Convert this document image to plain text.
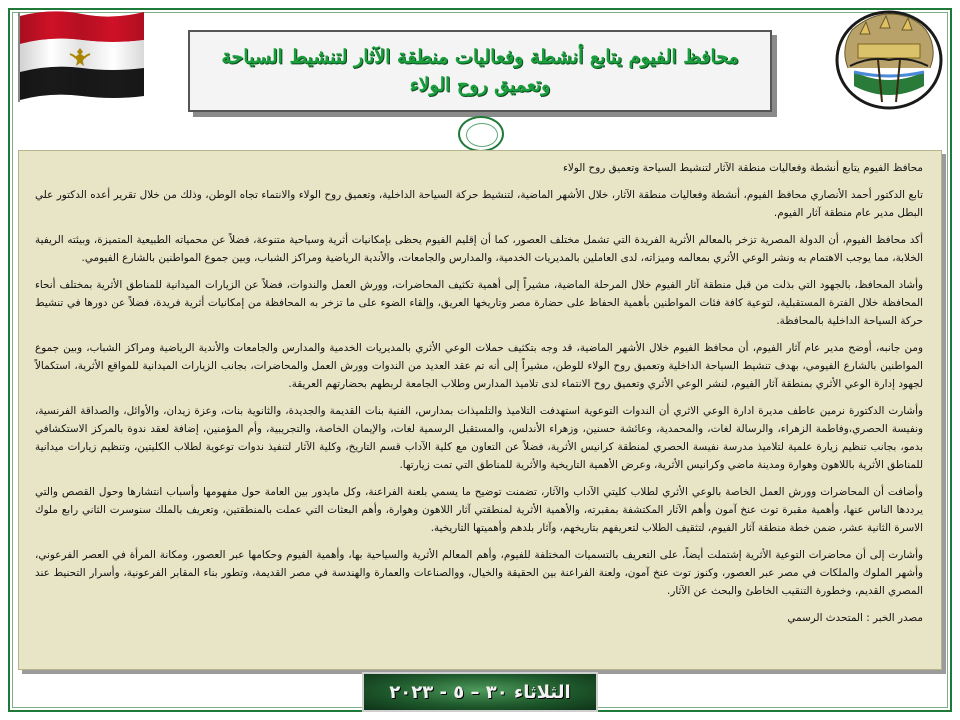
محافظ الفيوم يتابع أنشطة وفعاليات منطقة الآثار لتنشيط السياحة
وتعميق روح الولاء

محافظ الفيوم يتابع أنشطة وفعاليات منطقة الآثار لتنشيط السياحة وتعميق روح الولاء

تابع الدكتور أحمد الأنصاري محافظ الفيوم، أنشطة وفعاليات منطقة الآثار، خلال الأشهر الماضية، لتنشيط حركة السياحة الداخلية، وتعميق روح الولاء والانتماء تجاه الوطن، وذلك من خلال تقرير أعده الدكتور علي البطل مدير عام منطقة آثار الفيوم.

أكد محافظ الفيوم، أن الدولة المصرية تزخر بالمعالم الأثرية الفريدة التي تشمل مختلف العصور، كما أن إقليم الفيوم يحظى بإمكانيات أثرية وسياحية متنوعة، فضلاً عن محمياته الطبيعية المتميزة، وبيئته الريفية الخلابة، مما يوجب الاهتمام به ونشر الوعي الأثري بمعالمه وميزاته، لدى العاملين بالمديريات الخدمية، والمدارس والجامعات، والأندية الرياضية ومراكز الشباب، وبين جموع المواطنين بالشارع الفيومي.

وأشاد المحافظ، بالجهود التي بذلت من قبل منطقة آثار الفيوم خلال المرحلة الماضية، مشيراً إلى أهمية تكثيف المحاضرات، وورش العمل والندوات، فضلاً عن الزيارات الميدانية للمناطق الأثرية بمختلف أنحاء المحافظة خلال الفترة المستقبلية، لتوعية كافة فئات المواطنين بأهمية الحفاظ على حضارة مصر وتاريخها العريق، وإلقاء الضوء على ما تزخر به المحافظة من إمكانيات أثرية فريدة، فضلاً عن دورها في تنشيط حركة السياحة الداخلية بالمحافظة.

ومن جانبه، أوضح مدير عام آثار الفيوم، أن محافظ الفيوم خلال الأشهر الماضية، قد وجه بتكثيف حملات الوعي الأثري بالمديريات الخدمية والمدارس والجامعات والأندية الرياضية ومراكز الشباب، وبين جموع المواطنين بالشارع الفيومي، بهدف تنشيط السياحة الداخلية وتعميق روح الولاء للوطن، مشيراً إلى أنه تم عقد العديد من الندوات وورش العمل والمحاضرات، بجانب الزيارات الميدانية للمواقع الأثرية، استكمالاً لجهود إدارة الوعي الأثري بمنطقة آثار الفيوم، لنشر الوعي الأثري وتعميق روح الانتماء لدى تلاميذ المدارس وطلاب الجامعة لربطهم بحضارتهم العريقة.

وأشارت الدكتورة نرمين عاطف مديرة ادارة الوعي الاثري أن الندوات التوعوية استهدفت التلاميذ والتلميذات بمدارس، الفنية بنات القديمة والجديدة، والثانوية بنات، وعزة زيدان، والأوائل، والصداقة الفرنسية، ونفيسة الحصري،وفاطمة الزهراء، والرسالة لغات، والمحمدية، وعائشة حسنين، وزهراء الأندلس، والمستقبل الرسمية لغات، والإيمان الخاصة، والتجريبية، وأم المؤمنين، إضافة لعقد ندوة بالمركز الاستكشافي بدمو، بجانب تنظيم زيارة علمية لتلاميذ مدرسة نفيسة الحصري لمنطقة كرانيس الأثرية، فضلاً عن التعاون مع كلية الآداب قسم التاريخ، وكلية الآثار لتنفيذ ندوات توعوية لطلاب الكليتين، وتنظيم زيارات ميدانية للمناطق الأثرية باللاهون وهوارة ومدينة ماضي وكرانيس الأثرية، وعرض الأهمية التاريخية والأثرية للمناطق التي تمت زيارتها.

وأضافت أن المحاضرات وورش العمل الخاصة بالوعي الأثري لطلاب كليتي الآداب والآثار، تضمنت توضيح ما يسمي بلعنة الفراعنة، وكل مايدور بين العامة حول مفهومها وأسباب انتشارها وحول القصص والتي يرددها الناس عنها، وأهمية مقبرة توت عنخ آمون وأهم الآثار المكتشفة بمقبرته، والأهمية الأثرية لمنطقتي آثار اللاهون وهوارة، وأهم البعثات التي عملت بالمنطقتين، وتعريف بالملك سنوسرت الثاني رابع ملوك الاسرة الثانية عشر، ضمن خطة منطقة آثار الفيوم، لتثقيف الطلاب لتعريفهم بتاريخهم، وآثار بلدهم وأهميتها التاريخية.

وأشارت إلى أن محاضرات التوعية الأثرية إشتملت أيضاً، على التعريف بالتسميات المختلفة للفيوم، وأهم المعالم الأثرية والسياحية بها، وأهمية الفيوم وحكامها عبر العصور، ومكانة المرأة في العصر الفرعوني، وأشهر الملوك والملكات في مصر عبر العصور، وكنوز توت عنخ آمون، ولعنة الفراعنة بين الحقيقة والخيال، ووالصناعات والعمارة والهندسة في مصر القديمة، وتطور بناء المقابر الفرعونية، وأسرار التحنيط عند المصري القديم، وخطورة التنقيب الخاطئ والبحث عن الآثار.

مصدر الخبر : المتحدث الرسمي

الثلاثاء ٣٠ – ٥ - ٢٠٢٣
